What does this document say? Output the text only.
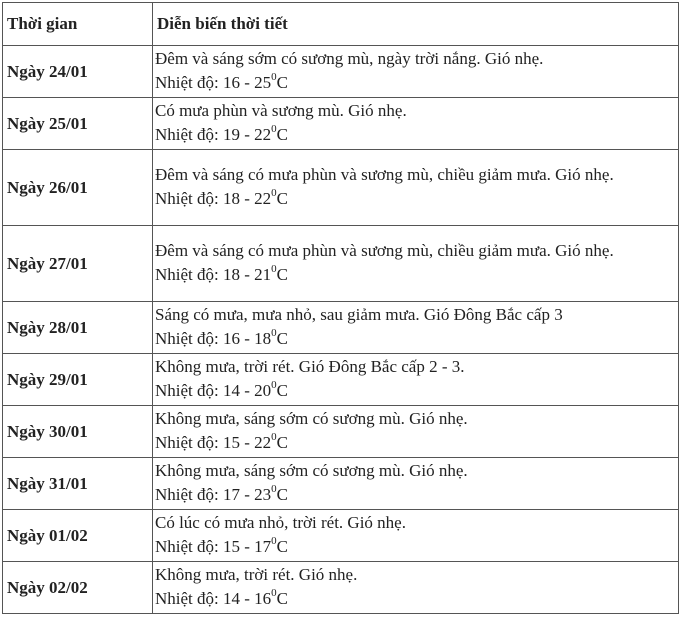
Thời gian	Diễn biến thời tiết
Ngày 24/01	Đêm và sáng sớm có sương mù, ngày trời nắng. Gió nhẹ.
Nhiệt độ: $16 - 25^0C$

Ngày 25/01	Có mưa phùn và sương mù. Gió nhẹ.
Nhiệt độ: $19 - 22^0C$

Ngày 26/01	Đêm và sáng có mưa phùn và sương mù, chiều giảm mưa. Gió nhẹ.
Nhiệt độ: $18 - 22^0C$

Ngày 27/01	Đêm và sáng có mưa phùn và sương mù, chiều giảm mưa. Gió nhẹ.
Nhiệt độ: $18 - 21^0C$

Ngày 28/01	Sáng có mưa, mưa nhỏ, sau giảm mưa. Gió Đông Bắc cấp 3
Nhiệt độ: $16 - 18^0C$

Ngày 29/01	Không mưa, trời rét. Gió Đông Bắc cấp 2 - 3.
Nhiệt độ: $14 - 20^0C$

Ngày 30/01	Không mưa, sáng sớm có sương mù. Gió nhẹ.
Nhiệt độ: $15 - 22^0C$

Ngày 31/01	Không mưa, sáng sớm có sương mù. Gió nhẹ.
Nhiệt độ: $17 - 23^0C$

Ngày 01/02	Có lúc có mưa nhỏ, trời rét. Gió nhẹ.
Nhiệt độ: $15 - 17^0C$

Ngày 02/02	Không mưa, trời rét. Gió nhẹ.
Nhiệt độ: $14 - 16^0C$
